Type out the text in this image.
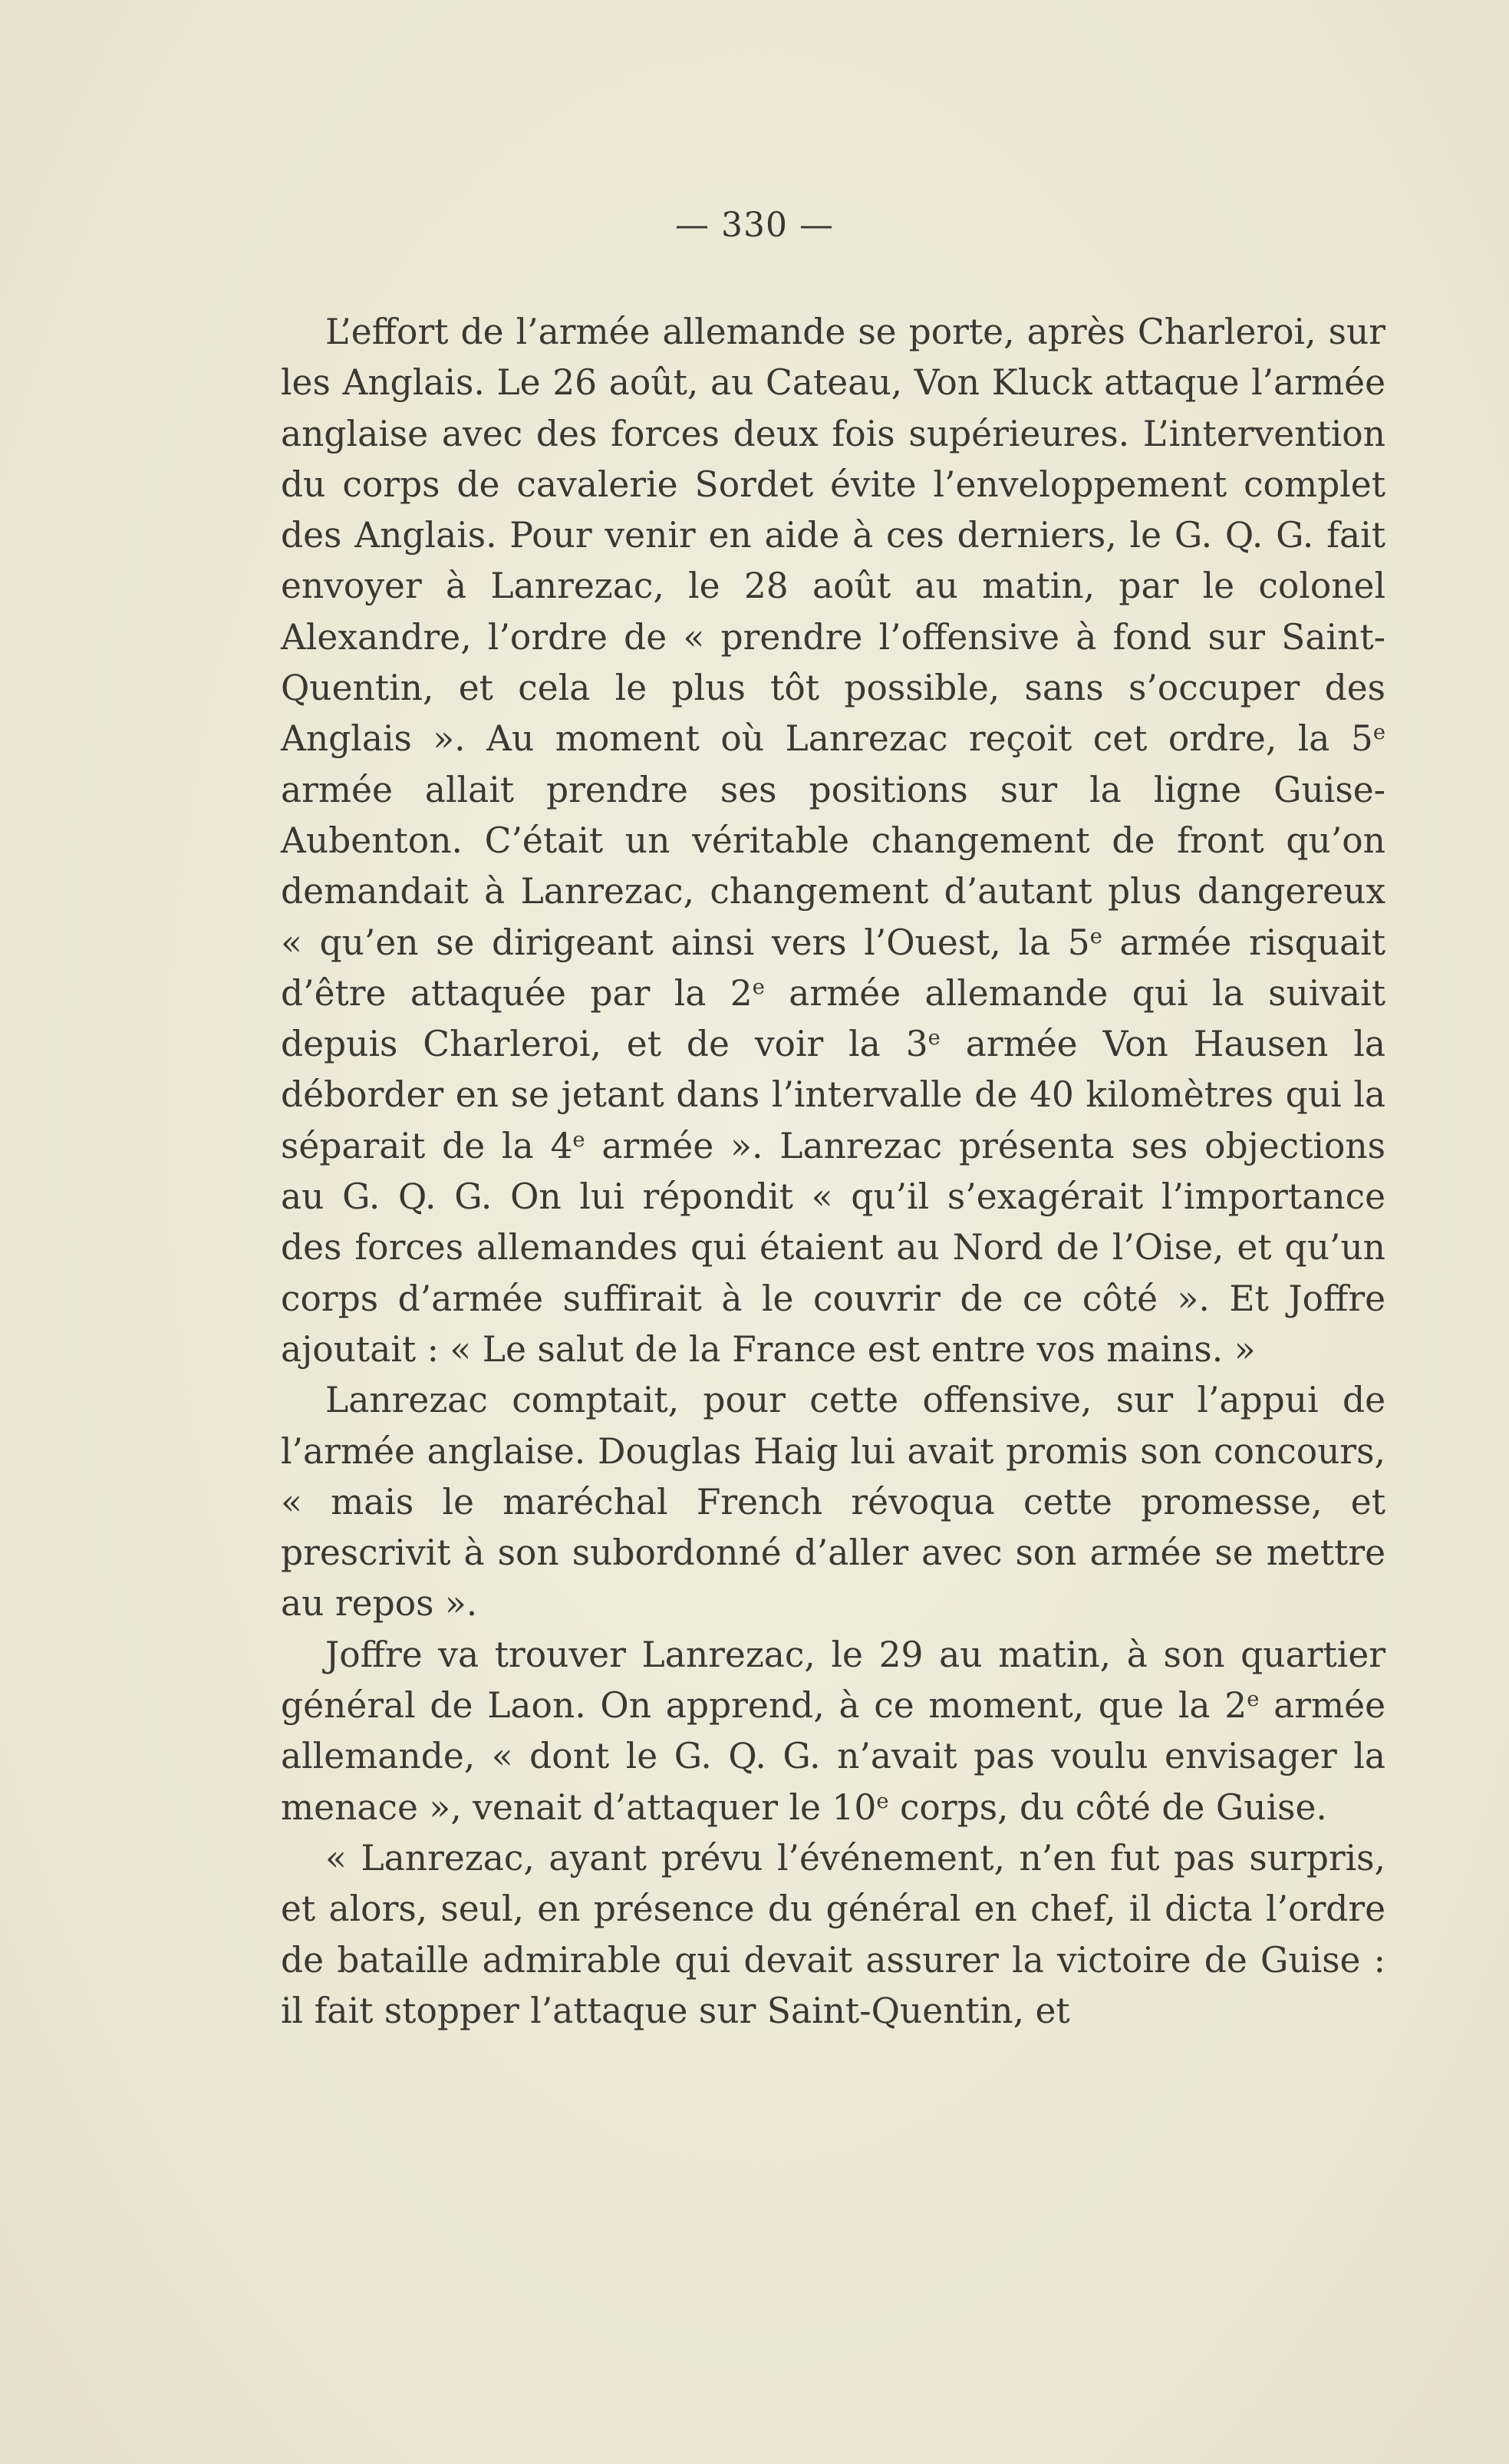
— 330 —

L’effort de l’armée allemande se porte, après Charleroi, sur les Anglais. Le 26 août, au Cateau, Von Kluck attaque l’armée anglaise avec des forces deux fois supérieures. L’intervention du corps de cavalerie Sordet évite l’enveloppement complet des Anglais. Pour venir en aide à ces derniers, le G. Q. G. fait envoyer à Lanrezac, le 28 août au matin, par le colonel Alexandre, l’ordre de « prendre l’offensive à fond sur Saint-Quentin, et cela le plus tôt possible, sans s’occuper des Anglais ». Au moment où Lanrezac reçoit cet ordre, la 5e armée allait prendre ses positions sur la ligne Guise-Aubenton. C’était un véritable changement de front qu’on demandait à Lanrezac, changement d’autant plus dangereux « qu’en se dirigeant ainsi vers l’Ouest, la 5e armée risquait d’être attaquée par la 2e armée allemande qui la suivait depuis Charleroi, et de voir la 3e armée Von Hausen la déborder en se jetant dans l’intervalle de 40 kilomètres qui la séparait de la 4e armée ». Lanrezac présenta ses objections au G. Q. G. On lui répondit « qu’il s’exagérait l’importance des forces allemandes qui étaient au Nord de l’Oise, et qu’un corps d’armée suffirait à le couvrir de ce côté ». Et Joffre ajoutait : « Le salut de la France est entre vos mains. »

Lanrezac comptait, pour cette offensive, sur l’appui de l’armée anglaise. Douglas Haig lui avait promis son concours, « mais le maréchal French révoqua cette promesse, et prescrivit à son subordonné d’aller avec son armée se mettre au repos ».

Joffre va trouver Lanrezac, le 29 au matin, à son quartier général de Laon. On apprend, à ce moment, que la 2e armée allemande, « dont le G. Q. G. n’avait pas voulu envisager la menace », venait d’attaquer le 10e corps, du côté de Guise.

« Lanrezac, ayant prévu l’événement, n’en fut pas surpris, et alors, seul, en présence du général en chef, il dicta l’ordre de bataille admirable qui devait assurer la victoire de Guise : il fait stopper l’attaque sur Saint-Quentin, et
